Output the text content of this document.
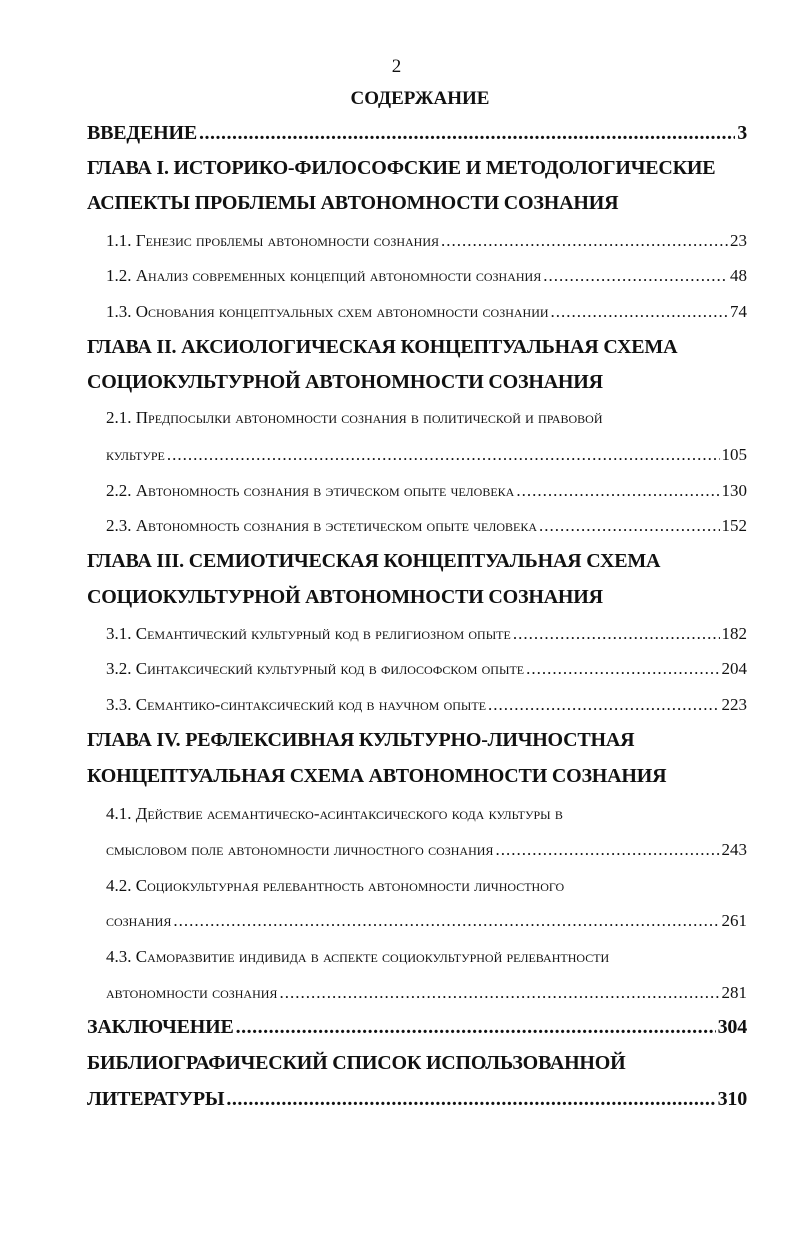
2
СОДЕРЖАНИЕ
ВВЕДЕНИЕ .....	3
ГЛАВА I. ИСТОРИКО-ФИЛОСОФСКИЕ И МЕТОДОЛОГИЧЕСКИЕ
АСПЕКТЫ ПРОБЛЕМЫ АВТОНОМНОСТИ СОЗНАНИЯ
1.1. Генезис проблемы автономности сознания .....	23
1.2. Анализ современных концепций автономности сознания .....	48
1.3. Основания концептуальных схем автономности сознании .....	74
ГЛАВА II. АКСИОЛОГИЧЕСКАЯ КОНЦЕПТУАЛЬНАЯ СХЕМА
СОЦИОКУЛЬТУРНОЙ АВТОНОМНОСТИ СОЗНАНИЯ
2.1. Предпосылки автономности сознания в политической и правовой
культуре .....	105
2.2. Автономность сознания в этическом опыте человека .....	130
2.3. Автономность сознания в эстетическом опыте человека .....	152
ГЛАВА III. СЕМИОТИЧЕСКАЯ КОНЦЕПТУАЛЬНАЯ СХЕМА
СОЦИОКУЛЬТУРНОЙ АВТОНОМНОСТИ СОЗНАНИЯ
3.1. Семантический культурный код в религиозном опыте .....	182
3.2. Синтаксический культурный код в философском опыте .....	204
3.3. Семантико-синтаксический код в научном опыте .....	223
ГЛАВА IV. РЕФЛЕКСИВНАЯ КУЛЬТУРНО-ЛИЧНОСТНАЯ
КОНЦЕПТУАЛЬНАЯ СХЕМА АВТОНОМНОСТИ СОЗНАНИЯ
4.1. Действие асемантическо-асинтаксического кода культуры в
смысловом поле автономности личностного сознания .....	243
4.2. Социокультурная релевантность автономности личностного
сознания .....	261
4.3. Саморазвитие индивида в аспекте социокультурной релевантности
автономности сознания .....	281
ЗАКЛЮЧЕНИЕ .....	304
БИБЛИОГРАФИЧЕСКИЙ СПИСОК ИСПОЛЬЗОВАННОЙ
ЛИТЕРАТУРЫ .....	310
